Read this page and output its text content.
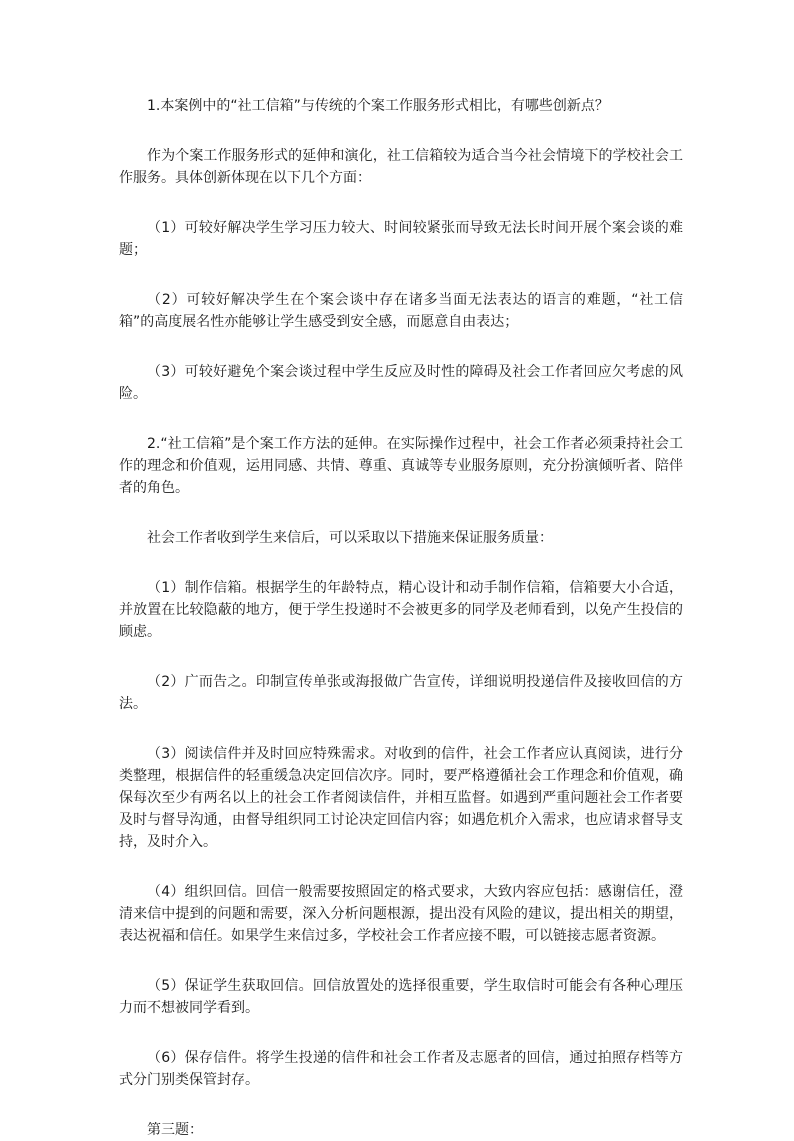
1.本案例中的“社工信箱”与传统的个案工作服务形式相比，有哪些创新点？

作为个案工作服务形式的延伸和演化，社工信箱较为适合当今社会情境下的学校社会工作服务。具体创新体现在以下几个方面：

（1）可较好解决学生学习压力较大、时间较紧张而导致无法长时间开展个案会谈的难题；

（2）可较好解决学生在个案会谈中存在诸多当面无法表达的语言的难题，“社工信箱”的高度展名性亦能够让学生感受到安全感，而愿意自由表达；

（3）可较好避免个案会谈过程中学生反应及时性的障碍及社会工作者回应欠考虑的风险。

2.“社工信箱”是个案工作方法的延伸。在实际操作过程中，社会工作者必须秉持社会工作的理念和价值观，运用同感、共情、尊重、真诚等专业服务原则，充分扮演倾听者、陪伴者的角色。

社会工作者收到学生来信后，可以采取以下措施来保证服务质量：

（1）制作信箱。根据学生的年龄特点，精心设计和动手制作信箱，信箱要大小合适，并放置在比较隐蔽的地方，便于学生投递时不会被更多的同学及老师看到，以免产生投信的顾虑。

（2）广而告之。印制宣传单张或海报做广告宣传，详细说明投递信件及接收回信的方法。

（3）阅读信件并及时回应特殊需求。对收到的信件，社会工作者应认真阅读，进行分类整理，根据信件的轻重缓急决定回信次序。同时，要严格遵循社会工作理念和价值观，确保每次至少有两名以上的社会工作者阅读信件，并相互监督。如遇到严重问题社会工作者要及时与督导沟通，由督导组织同工讨论决定回信内容；如遇危机介入需求，也应请求督导支持，及时介入。

（4）组织回信。回信一般需要按照固定的格式要求，大致内容应包括：感谢信任，澄清来信中提到的问题和需要，深入分析问题根源，提出没有风险的建议，提出相关的期望，表达祝福和信任。如果学生来信过多，学校社会工作者应接不暇，可以链接志愿者资源。

（5）保证学生获取回信。回信放置处的选择很重要，学生取信时可能会有各种心理压力而不想被同学看到。

（6）保存信件。将学生投递的信件和社会工作者及志愿者的回信，通过拍照存档等方式分门别类保管封存。

第三题：
